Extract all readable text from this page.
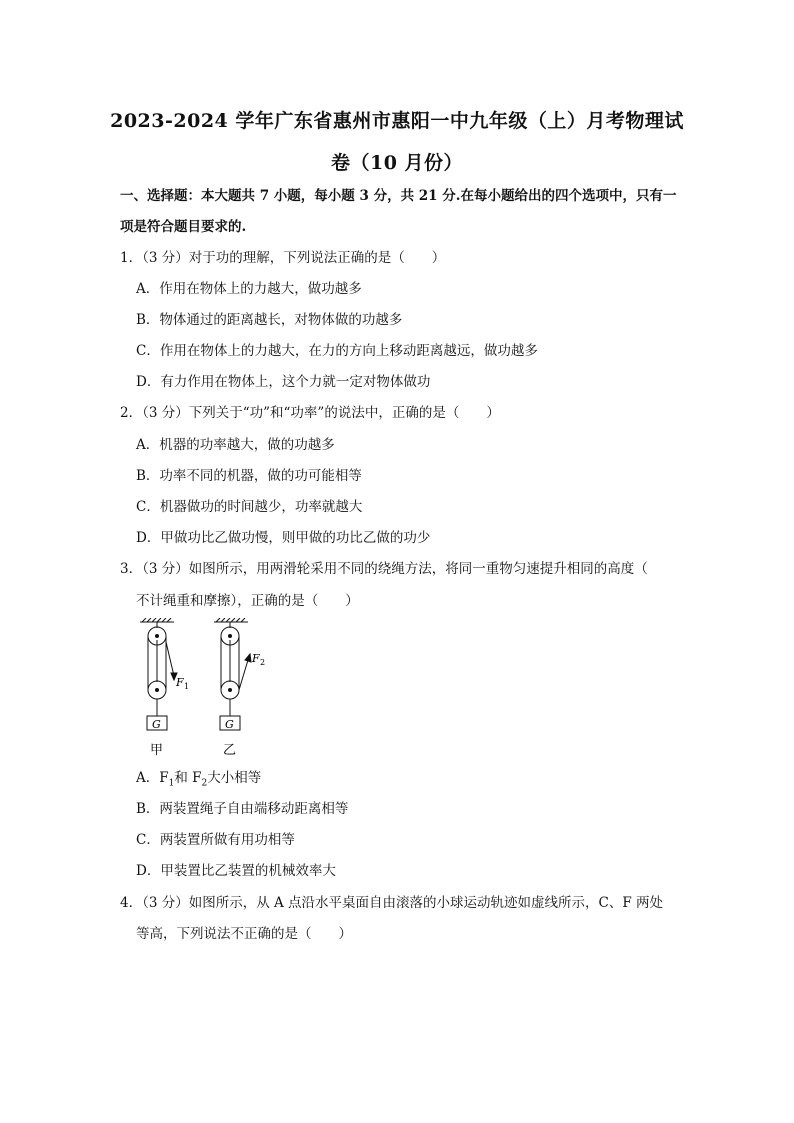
2023-2024 学年广东省惠州市惠阳一中九年级（上）月考物理试
卷（10 月份）
一、选择题：本大题共 7 小题，每小题 3 分，共 21 分.在每小题给出的四个选项中，只有一
项是符合题目要求的.
1．（3 分）对于功的理解，下列说法正确的是（　　）
A．作用在物体上的力越大，做功越多
B．物体通过的距离越长，对物体做的功越多
C．作用在物体上的力越大，在力的方向上移动距离越远，做功越多
D．有力作用在物体上，这个力就一定对物体做功
2．（3 分）下列关于“功”和“功率”的说法中，正确的是（　　）
A．机器的功率越大，做的功越多
B．功率不同的机器，做的功可能相等
C．机器做功的时间越少，功率就越大
D．甲做功比乙做功慢，则甲做的功比乙做的功少
3．（3 分）如图所示，用两滑轮采用不同的绕绳方法，将同一重物匀速提升相同的高度（
不计绳重和摩擦），正确的是（　　）
F 1
G
甲
F 2
G
乙
A．$F_1$和 $F_2$大小相等
B．两装置绳子自由端移动距离相等
C．两装置所做有用功相等
D．甲装置比乙装置的机械效率大
4．（3 分）如图所示，从 A 点沿水平桌面自由滚落的小球运动轨迹如虚线所示，C、F 两处
等高，下列说法不正确的是（　　）
